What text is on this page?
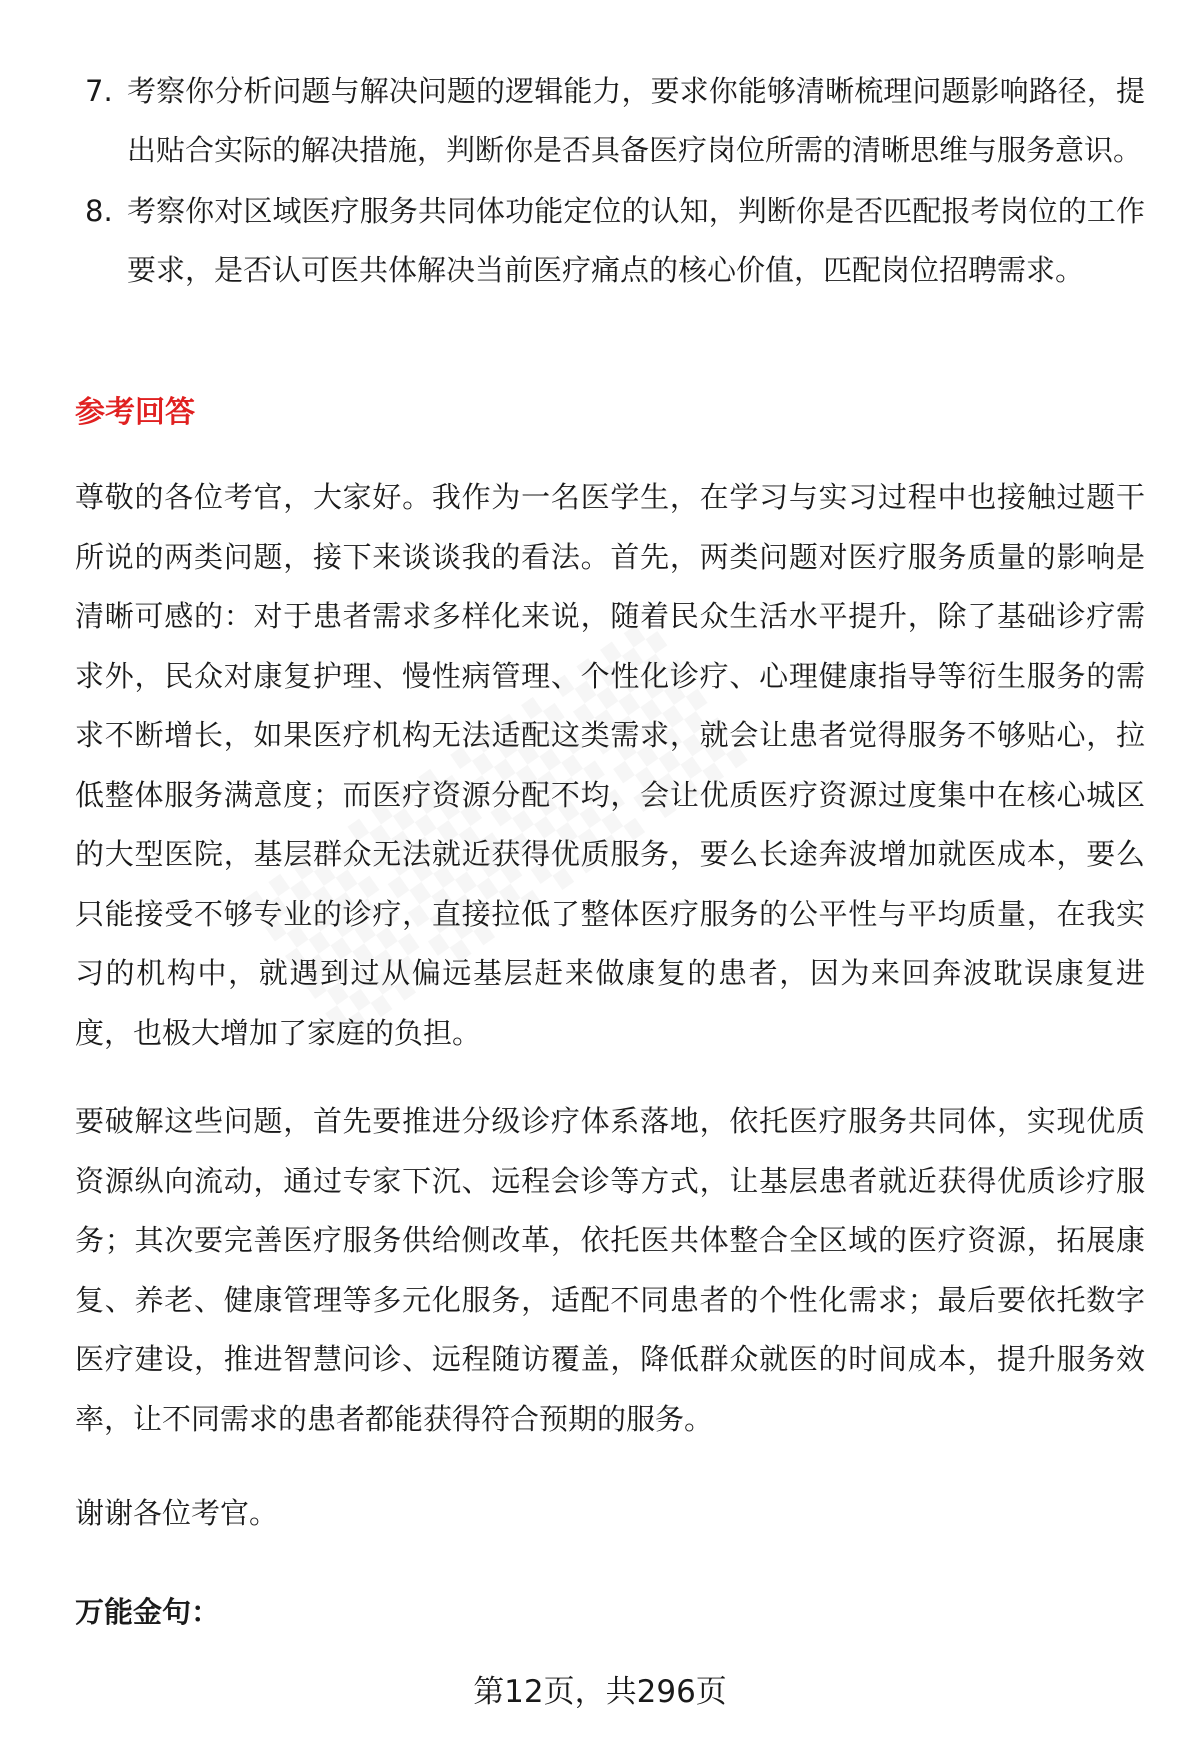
7. 考察你分析问题与解决问题的逻辑能力，要求你能够清晰梳理问题影响路径，提出贴合实际的解决措施，判断你是否具备医疗岗位所需的清晰思维与服务意识。
8. 考察你对区域医疗服务共同体功能定位的认知，判断你是否匹配报考岗位的工作要求，是否认可医共体解决当前医疗痛点的核心价值，匹配岗位招聘需求。
参考回答

尊敬的各位考官，大家好。我作为一名医学生，在学习与实习过程中也接触过题干所说的两类问题，接下来谈谈我的看法。首先，两类问题对医疗服务质量的影响是清晰可感的：对于患者需求多样化来说，随着民众生活水平提升，除了基础诊疗需求外，民众对康复护理、慢性病管理、个性化诊疗、心理健康指导等衍生服务的需求不断增长，如果医疗机构无法适配这类需求，就会让患者觉得服务不够贴心，拉低整体服务满意度；而医疗资源分配不均，会让优质医疗资源过度集中在核心城区的大型医院，基层群众无法就近获得优质服务，要么长途奔波增加就医成本，要么只能接受不够专业的诊疗，直接拉低了整体医疗服务的公平性与平均质量，在我实习的机构中，就遇到过从偏远基层赶来做康复的患者，因为来回奔波耽误康复进度，也极大增加了家庭的负担。

要破解这些问题，首先要推进分级诊疗体系落地，依托医疗服务共同体，实现优质资源纵向流动，通过专家下沉、远程会诊等方式，让基层患者就近获得优质诊疗服务；其次要完善医疗服务供给侧改革，依托医共体整合全区域的医疗资源，拓展康复、养老、健康管理等多元化服务，适配不同患者的个性化需求；最后要依托数字医疗建设，推进智慧问诊、远程随访覆盖，降低群众就医的时间成本，提升服务效率，让不同需求的患者都能获得符合预期的服务。

谢谢各位考官。

万能金句：
第12页，共296页
